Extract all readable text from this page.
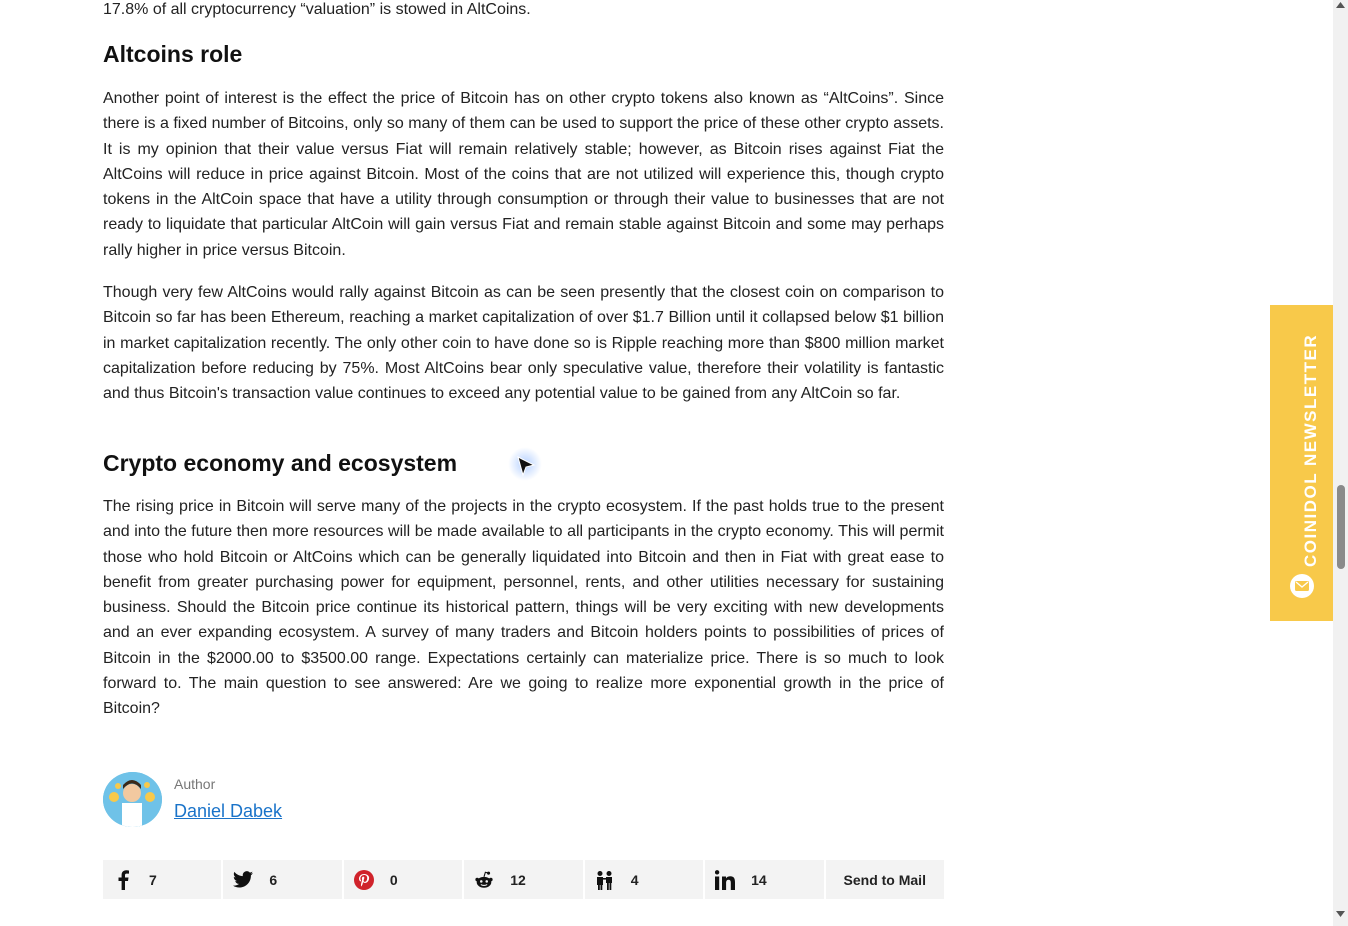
17.8% of all cryptocurrency “valuation” is stowed in AltCoins.

Altcoins role

Another point of interest is the effect the price of Bitcoin has on other crypto tokens also known as “AltCoins”. Since there is a fixed number of Bitcoins, only so many of them can be used to support the price of these other crypto assets. It is my opinion that their value versus Fiat will remain relatively stable; however, as Bitcoin rises against Fiat the AltCoins will reduce in price against Bitcoin. Most of the coins that are not utilized will experience this, though crypto tokens in the AltCoin space that have a utility through consumption or through their value to businesses that are not ready to liquidate that particular AltCoin will gain versus Fiat and remain stable against Bitcoin and some may perhaps rally higher in price versus Bitcoin.

Though very few AltCoins would rally against Bitcoin as can be seen presently that the closest coin on comparison to Bitcoin so far has been Ethereum, reaching a market capitalization of over $1.7 Billion until it collapsed below $1 billion in market capitalization recently. The only other coin to have done so is Ripple reaching more than $800 million market capitalization before reducing by 75%. Most AltCoins bear only speculative value, therefore their volatility is fantastic and thus Bitcoin's transaction value continues to exceed any potential value to be gained from any AltCoin so far.

Crypto economy and ecosystem

The rising price in Bitcoin will serve many of the projects in the crypto ecosystem. If the past holds true to the present and into the future then more resources will be made available to all participants in the crypto economy. This will permit those who hold Bitcoin or AltCoins which can be generally liquidated into Bitcoin and then in Fiat with great ease to benefit from greater purchasing power for equipment, personnel, rents, and other utilities necessary for sustaining business. Should the Bitcoin price continue its historical pattern, things will be very exciting with new developments and an ever expanding ecosystem. A survey of many traders and Bitcoin holders points to possibilities of prices of Bitcoin in the $2000.00 to $3500.00 range. Expectations certainly can materialize price. There is so much to look forward to. The main question to see answered: Are we going to realize more exponential growth in the price of Bitcoin?

Author
Daniel Dabek
7	6	0	12	4	14	Send to Mail
COINIDOL NEWSLETTER
